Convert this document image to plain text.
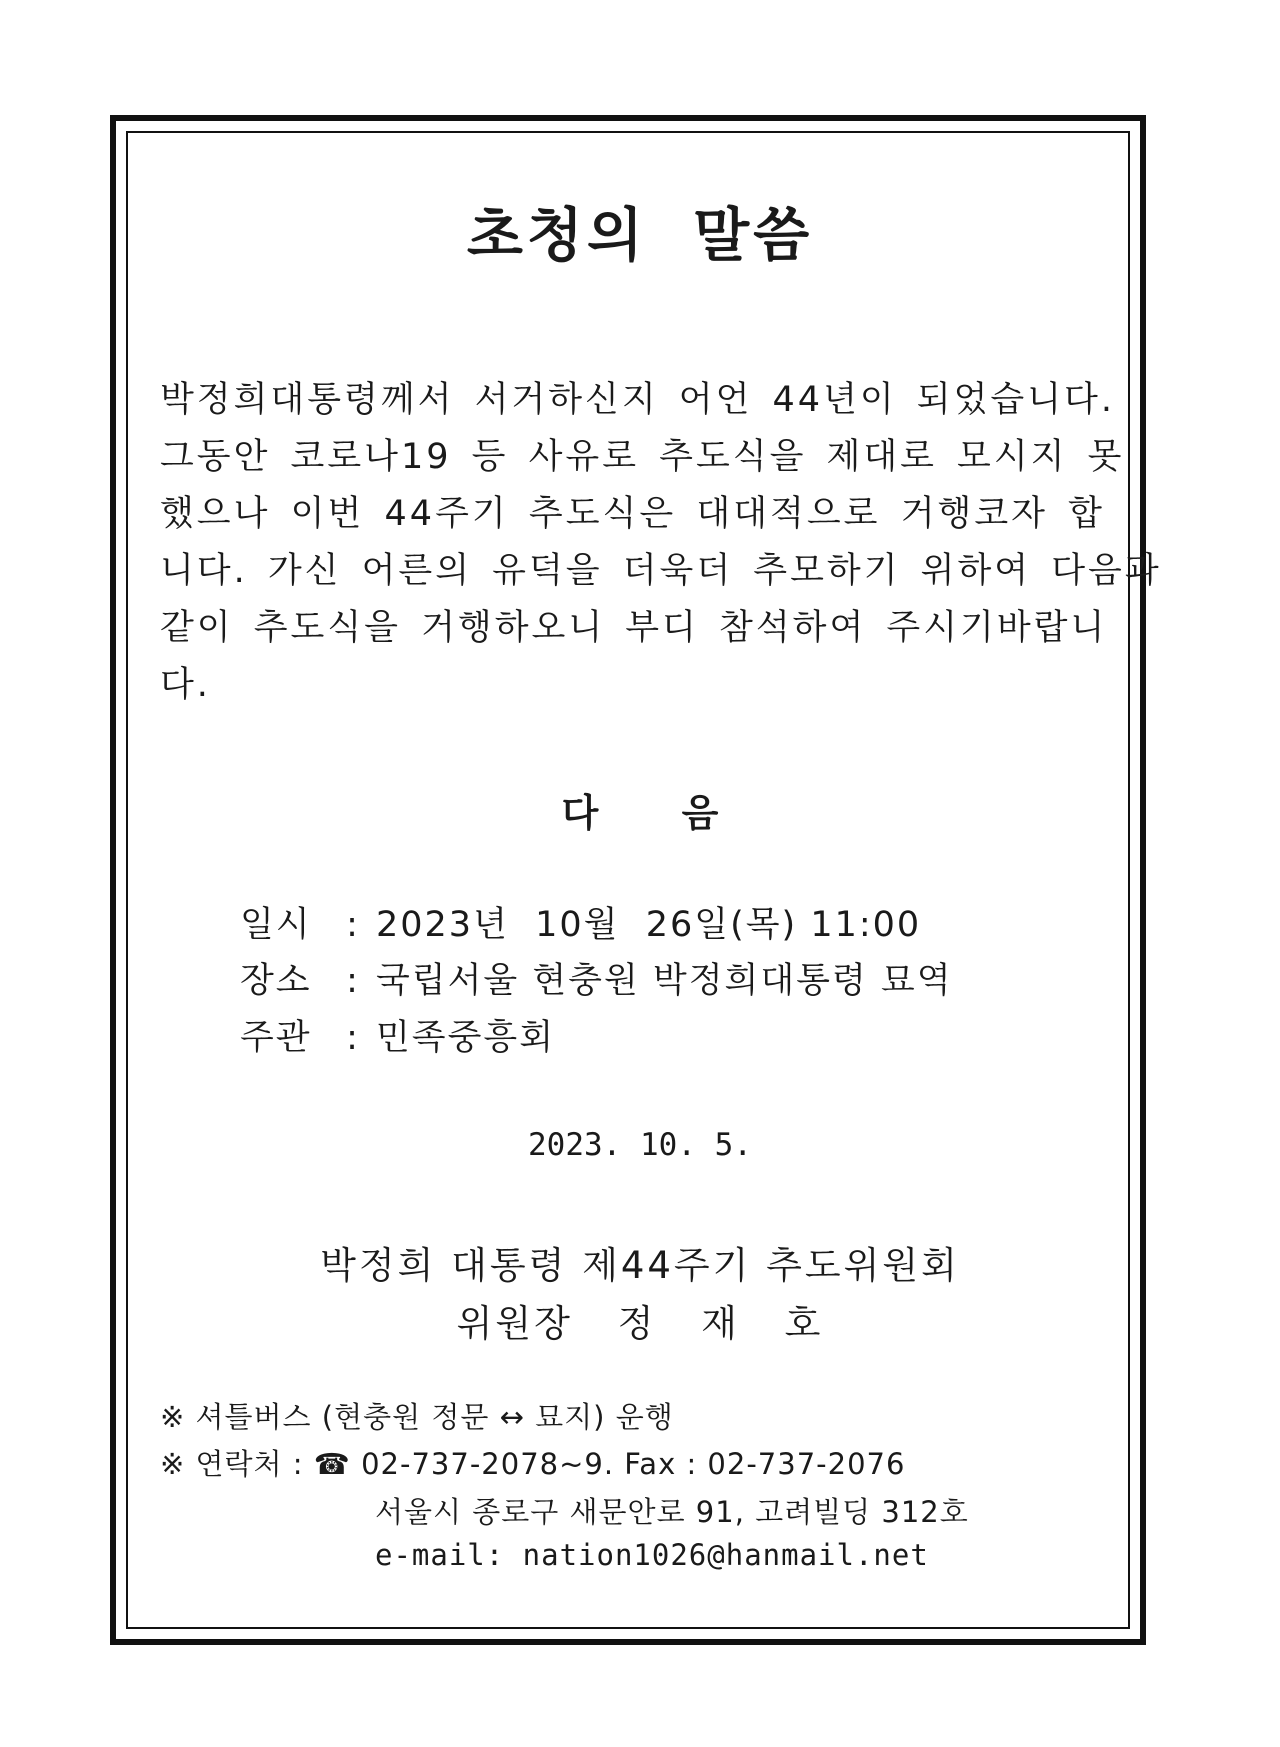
초청의 말씀
박정희대통령께서 서거하신지 어언 44년이 되었습니다.
그동안 코로나19 등 사유로 추도식을 제대로 모시지 못
했으나 이번 44주기 추도식은 대대적으로 거행코자 합
니다. 가신 어른의 유덕을 더욱더 추모하기 위하여 다음과
같이 추도식을 거행하오니 부디 참석하여 주시기바랍니
다.
다 음
일시 : 2023년  10월  26일(목) 11:00
장소 : 국립서울 현충원 박정희대통령 묘역
주관 : 민족중흥회
2023. 10. 5.
박정희 대통령 제44주기 추도위원회
위원장 정 재 호
※ 셔틀버스 (현충원 정문 ↔ 묘지) 운행
※ 연락처 : ☎ 02-737-2078~9. Fax : 02-737-2076
서울시 종로구 새문안로 91, 고려빌딩 312호
e-mail: nation1026@hanmail.net
